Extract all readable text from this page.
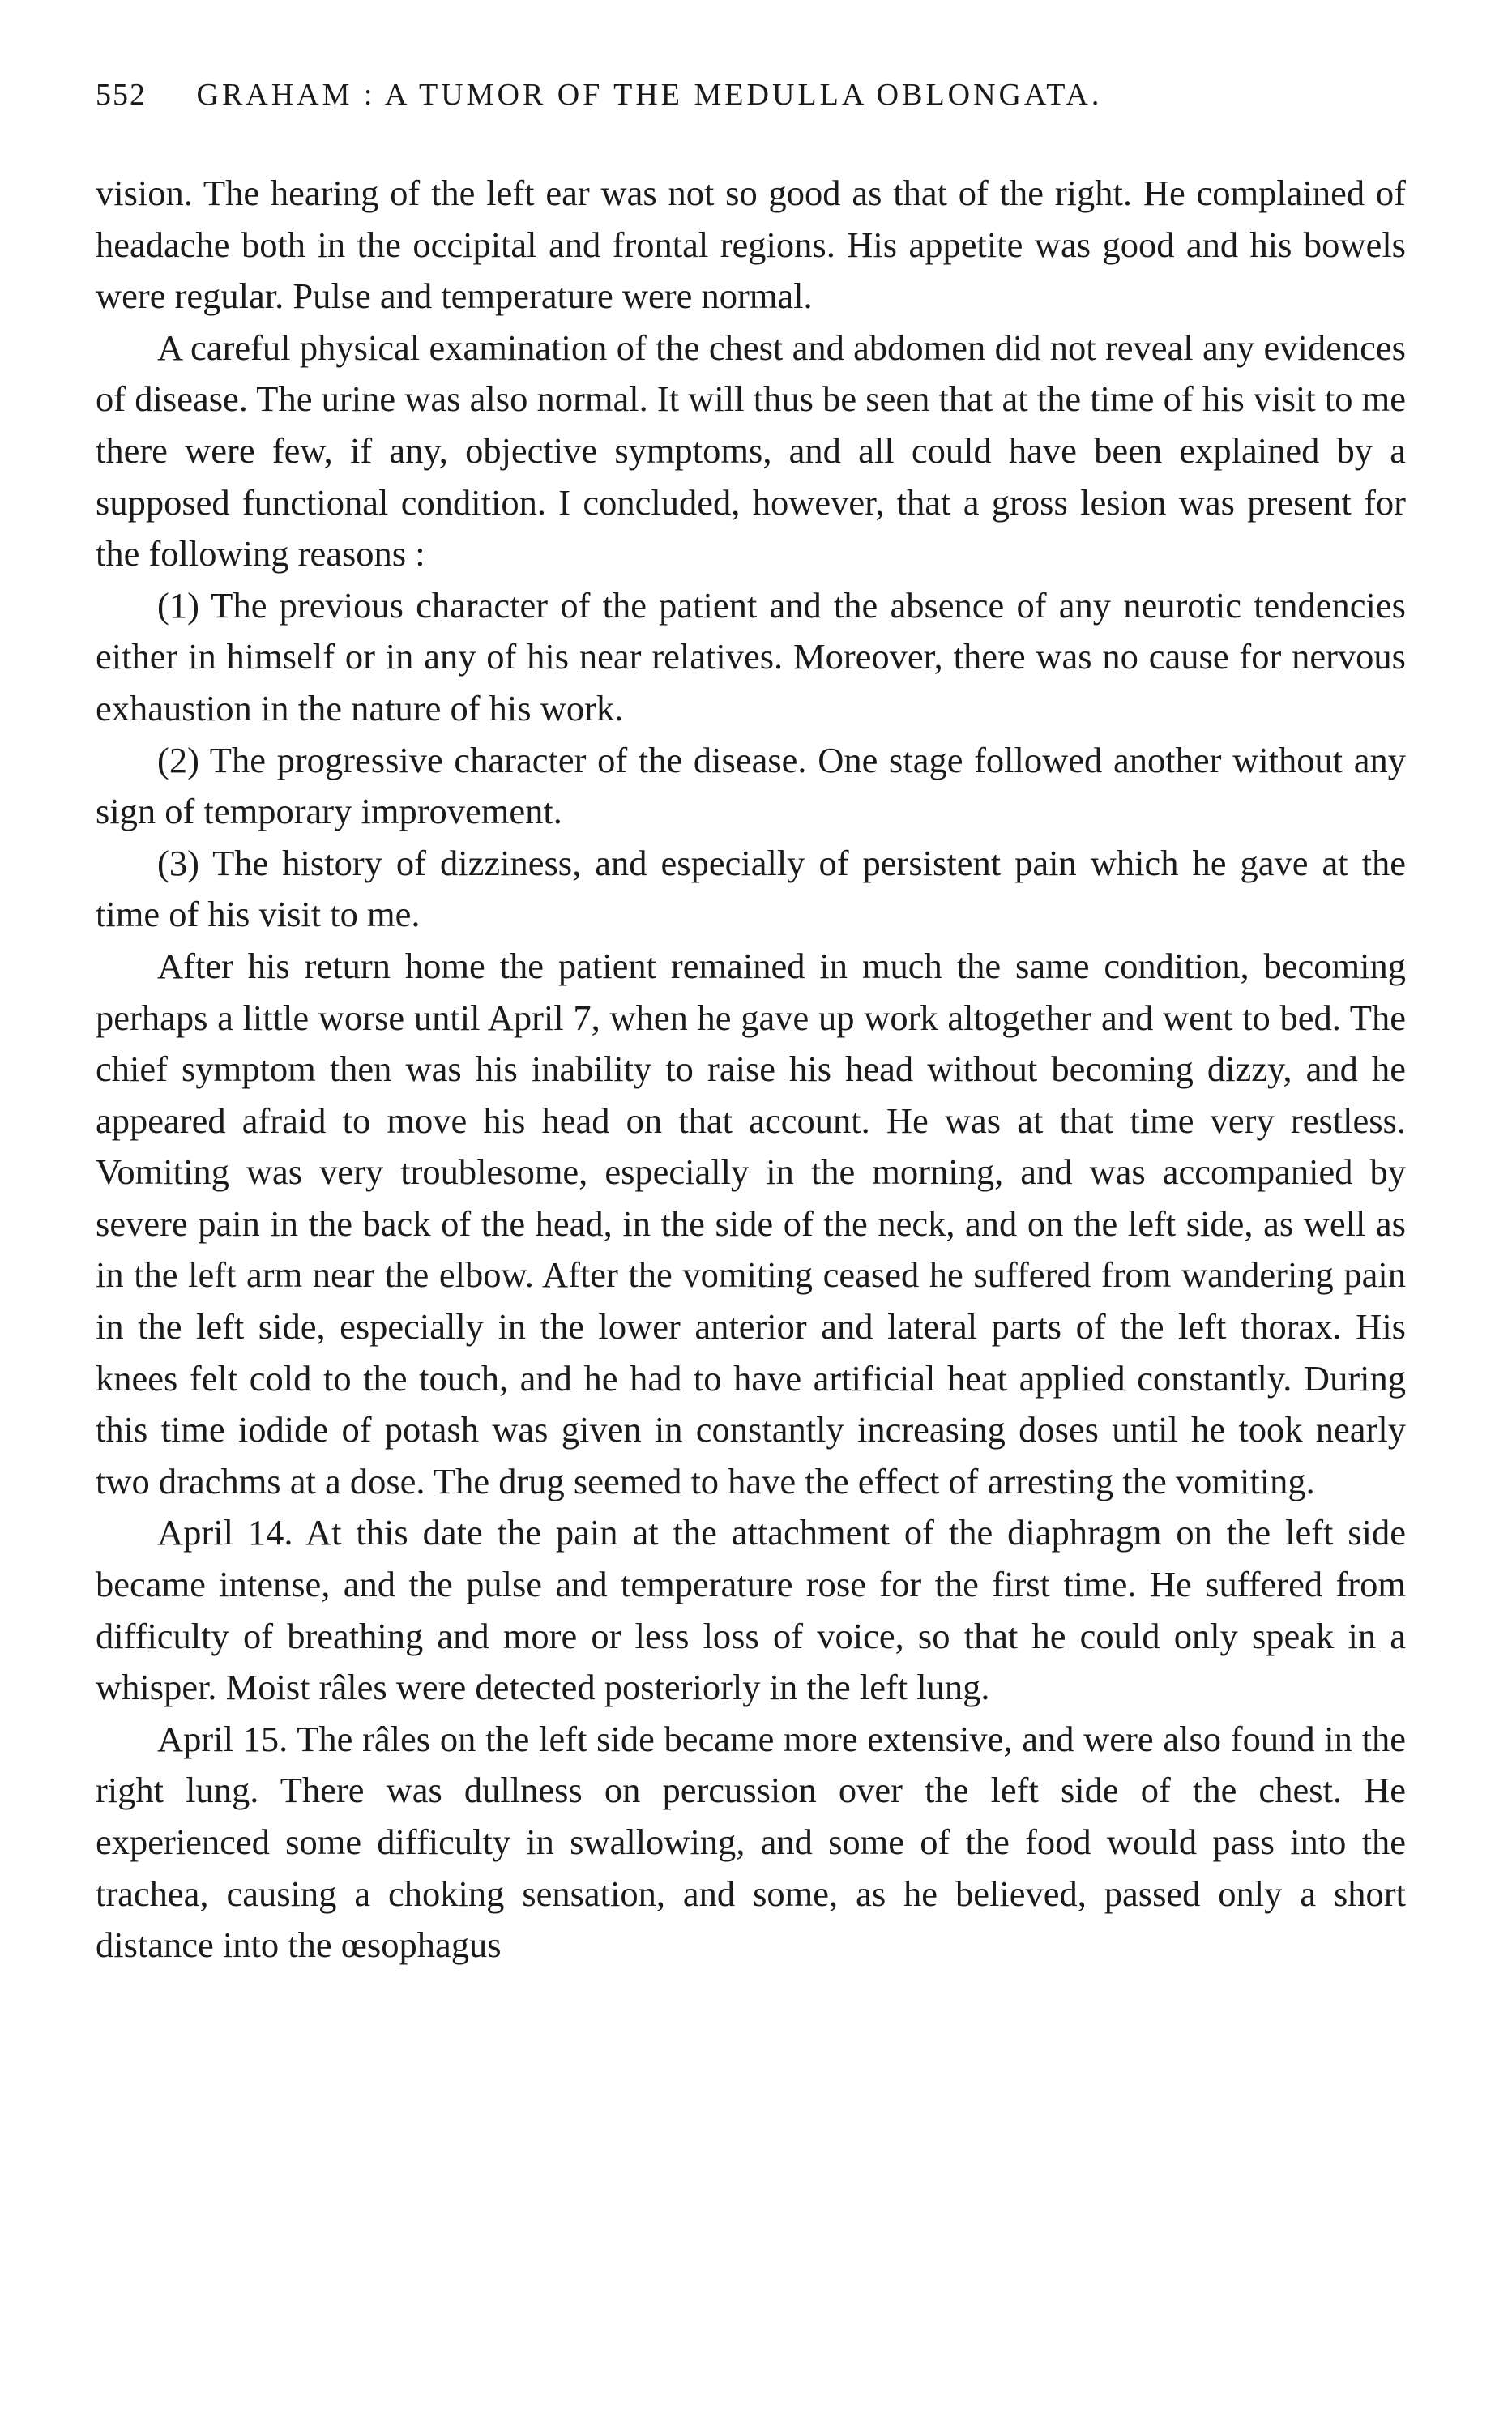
552 GRAHAM : A TUMOR OF THE MEDULLA OBLONGATA.

vision. The hearing of the left ear was not so good as that of the right. He complained of headache both in the occipital and frontal regions. His appetite was good and his bowels were regular. Pulse and temperature were normal.

A careful physical examination of the chest and abdomen did not reveal any evidences of disease. The urine was also normal. It will thus be seen that at the time of his visit to me there were few, if any, objective symptoms, and all could have been explained by a supposed functional condition. I concluded, however, that a gross lesion was present for the following reasons :

(1) The previous character of the patient and the absence of any neurotic tendencies either in himself or in any of his near relatives. Moreover, there was no cause for nervous exhaustion in the nature of his work.

(2) The progressive character of the disease. One stage followed another without any sign of temporary improvement.

(3) The history of dizziness, and especially of persistent pain which he gave at the time of his visit to me.

After his return home the patient remained in much the same condition, becoming perhaps a little worse until April 7, when he gave up work altogether and went to bed. The chief symptom then was his inability to raise his head without becoming dizzy, and he appeared afraid to move his head on that account. He was at that time very restless. Vomiting was very troublesome, especially in the morning, and was accompanied by severe pain in the back of the head, in the side of the neck, and on the left side, as well as in the left arm near the elbow. After the vomiting ceased he suffered from wandering pain in the left side, especially in the lower anterior and lateral parts of the left thorax. His knees felt cold to the touch, and he had to have artificial heat applied constantly. During this time iodide of potash was given in constantly increasing doses until he took nearly two drachms at a dose. The drug seemed to have the effect of arresting the vomiting.

April 14. At this date the pain at the attachment of the diaphragm on the left side became intense, and the pulse and temperature rose for the first time. He suffered from difficulty of breathing and more or less loss of voice, so that he could only speak in a whisper. Moist râles were detected posteriorly in the left lung.

April 15. The râles on the left side became more extensive, and were also found in the right lung. There was dullness on percussion over the left side of the chest. He experienced some difficulty in swallowing, and some of the food would pass into the trachea, causing a choking sensation, and some, as he believed, passed only a short distance into the œsophagus
